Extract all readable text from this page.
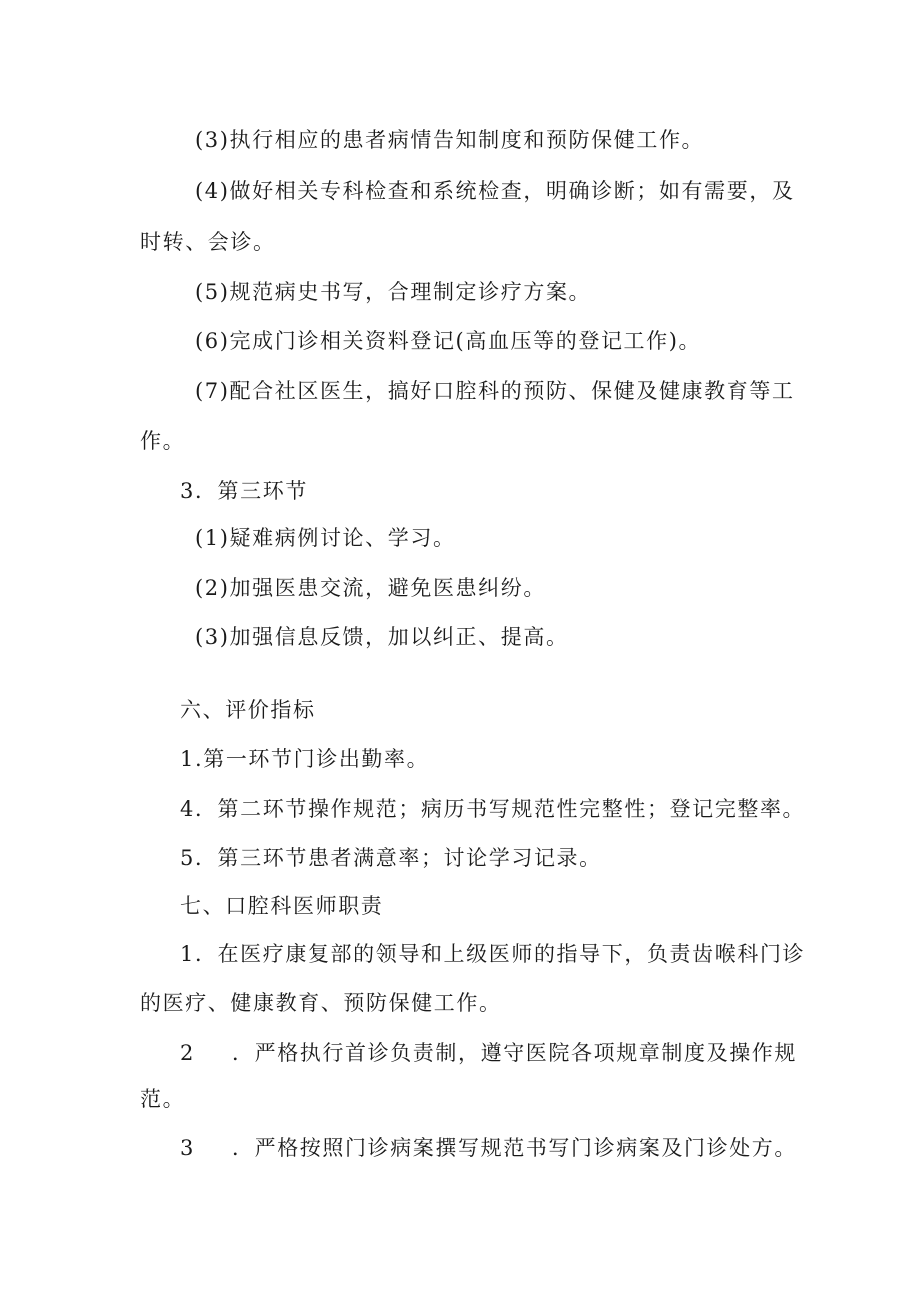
(3)执行相应的患者病情告知制度和预防保健工作。
(4)做好相关专科检查和系统检查，明确诊断；如有需要，及
时转、会诊。
(5)规范病史书写，合理制定诊疗方案。
(6)完成门诊相关资料登记(高血压等的登记工作)。
(7)配合社区医生，搞好口腔科的预防、保健及健康教育等工
作。
3．第三环节
(1)疑难病例讨论、学习。
(2)加强医患交流，避免医患纠纷。
(3)加强信息反馈，加以纠正、提高。
六、评价指标
1.第一环节门诊出勤率。
4．第二环节操作规范；病历书写规范性完整性；登记完整率。
5．第三环节患者满意率；讨论学习记录。
七、口腔科医师职责
1．在医疗康复部的领导和上级医师的指导下，负责齿喉科门诊
的医疗、健康教育、预防保健工作。
2 ．严格执行首诊负责制，遵守医院各项规章制度及操作规
范。
3 ．严格按照门诊病案撰写规范书写门诊病案及门诊处方。
